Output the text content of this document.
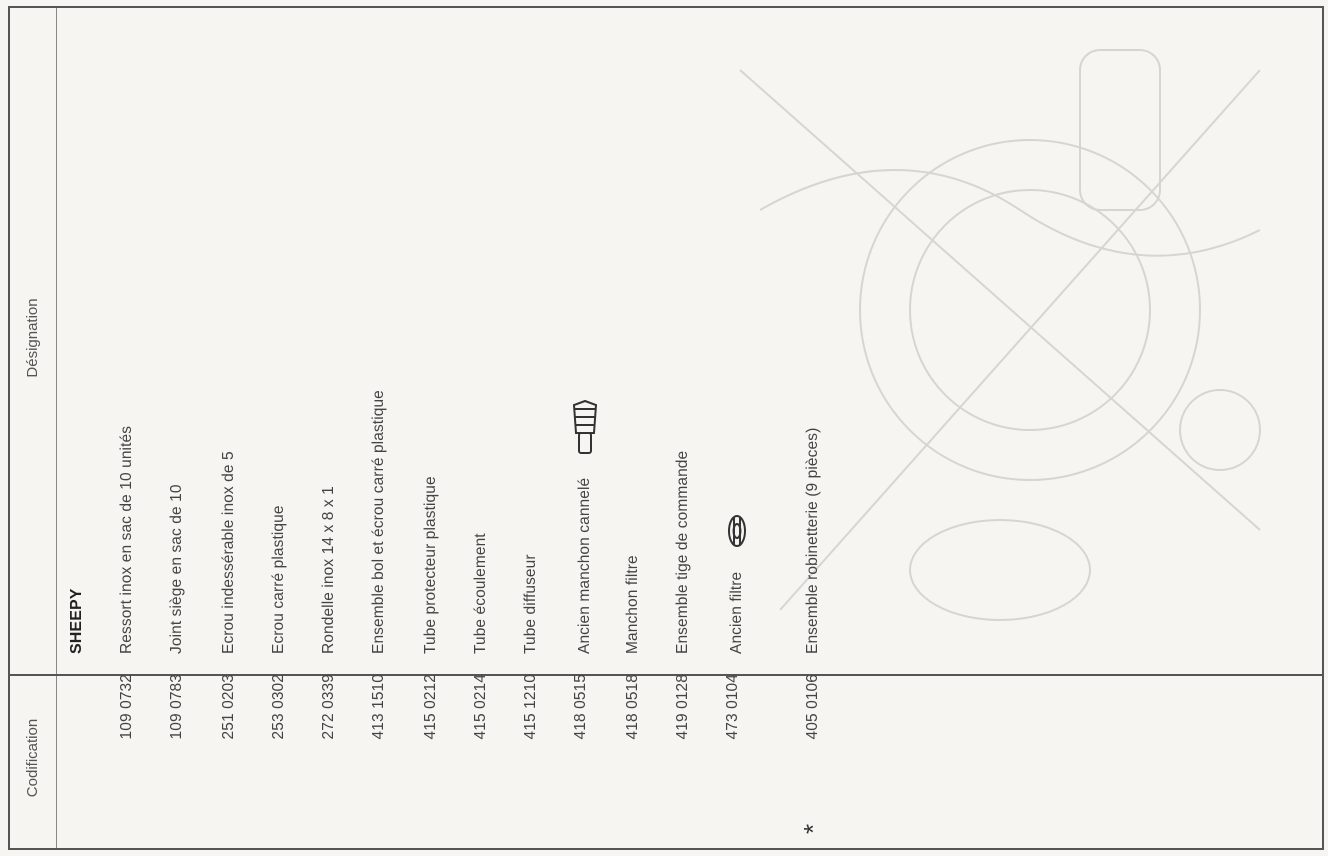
Codification
Désignation
SHEEPY
109 0732
Ressort inox en sac de 10 unités
109 0783
Joint siège en sac de 10
251 0203
Ecrou indessérable inox de 5
253 0302
Ecrou carré plastique
272 0339
Rondelle inox 14 x 8 x 1
413 1510
Ensemble bol et écrou carré plastique
415 0212
Tube protecteur plastique
415 0214
Tube écoulement
415 1210
Tube diffuseur
418 0515
Ancien manchon cannelé
418 0518
Manchon filtre
419 0128
Ensemble tige de commande
473 0104
Ancien filtre
*
405 0106
Ensemble robinetterie (9 pièces)
